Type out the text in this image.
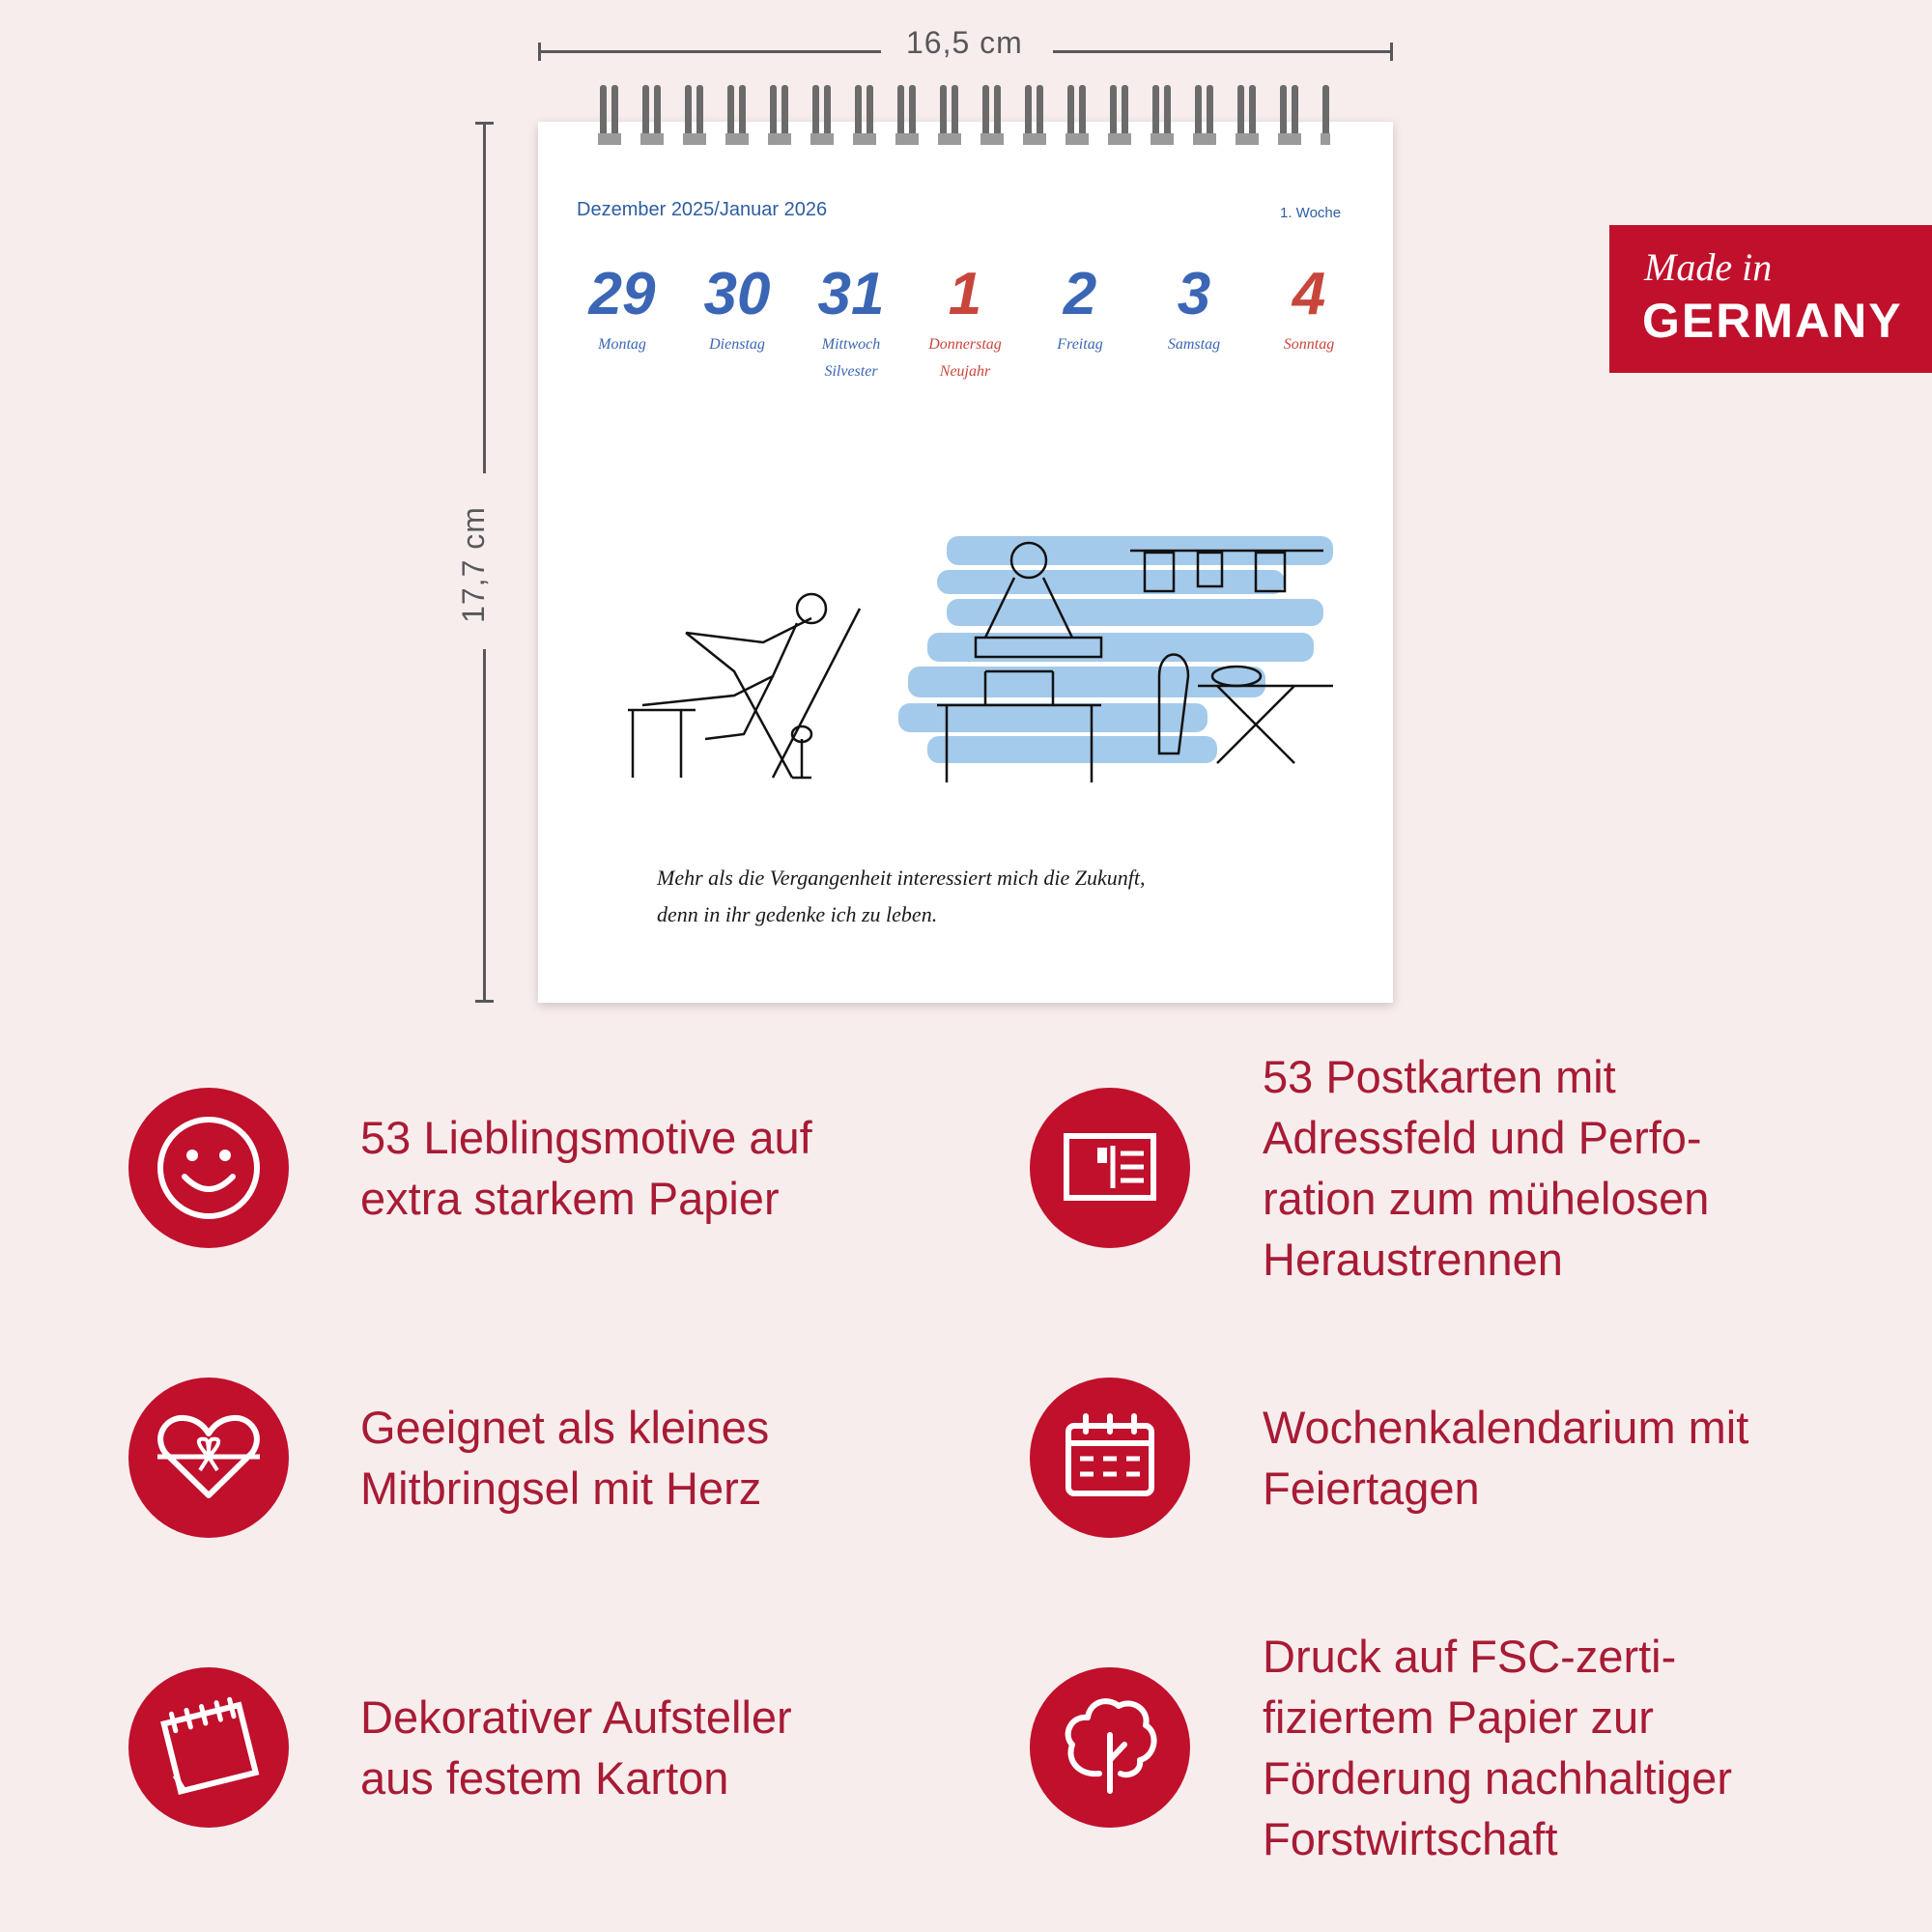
16,5 cm
17,7 cm
Dezember 2025/Januar 2026	1. Woche
29
Montag
30
Dienstag
31
Mittwoch
Silvester
1
Donnerstag
Neujahr
2
Freitag
3
Samstag
4
Sonntag
Mehr als die Vergangenheit interessiert mich die Zukunft,
denn in ihr gedenke ich zu leben.
Made in
GERMANY
53 Lieblingsmotive auf
extra starkem Papier
53 Postkarten mit
Adressfeld und Perfo-
ration zum mühelosen
Heraustrennen
Geeignet als kleines
Mitbringsel mit Herz
Wochenkalendarium mit
Feiertagen
Dekorativer Aufsteller
aus festem Karton
Druck auf FSC-zerti-
fiziertem Papier zur
Förderung nachhaltiger
Forstwirtschaft
